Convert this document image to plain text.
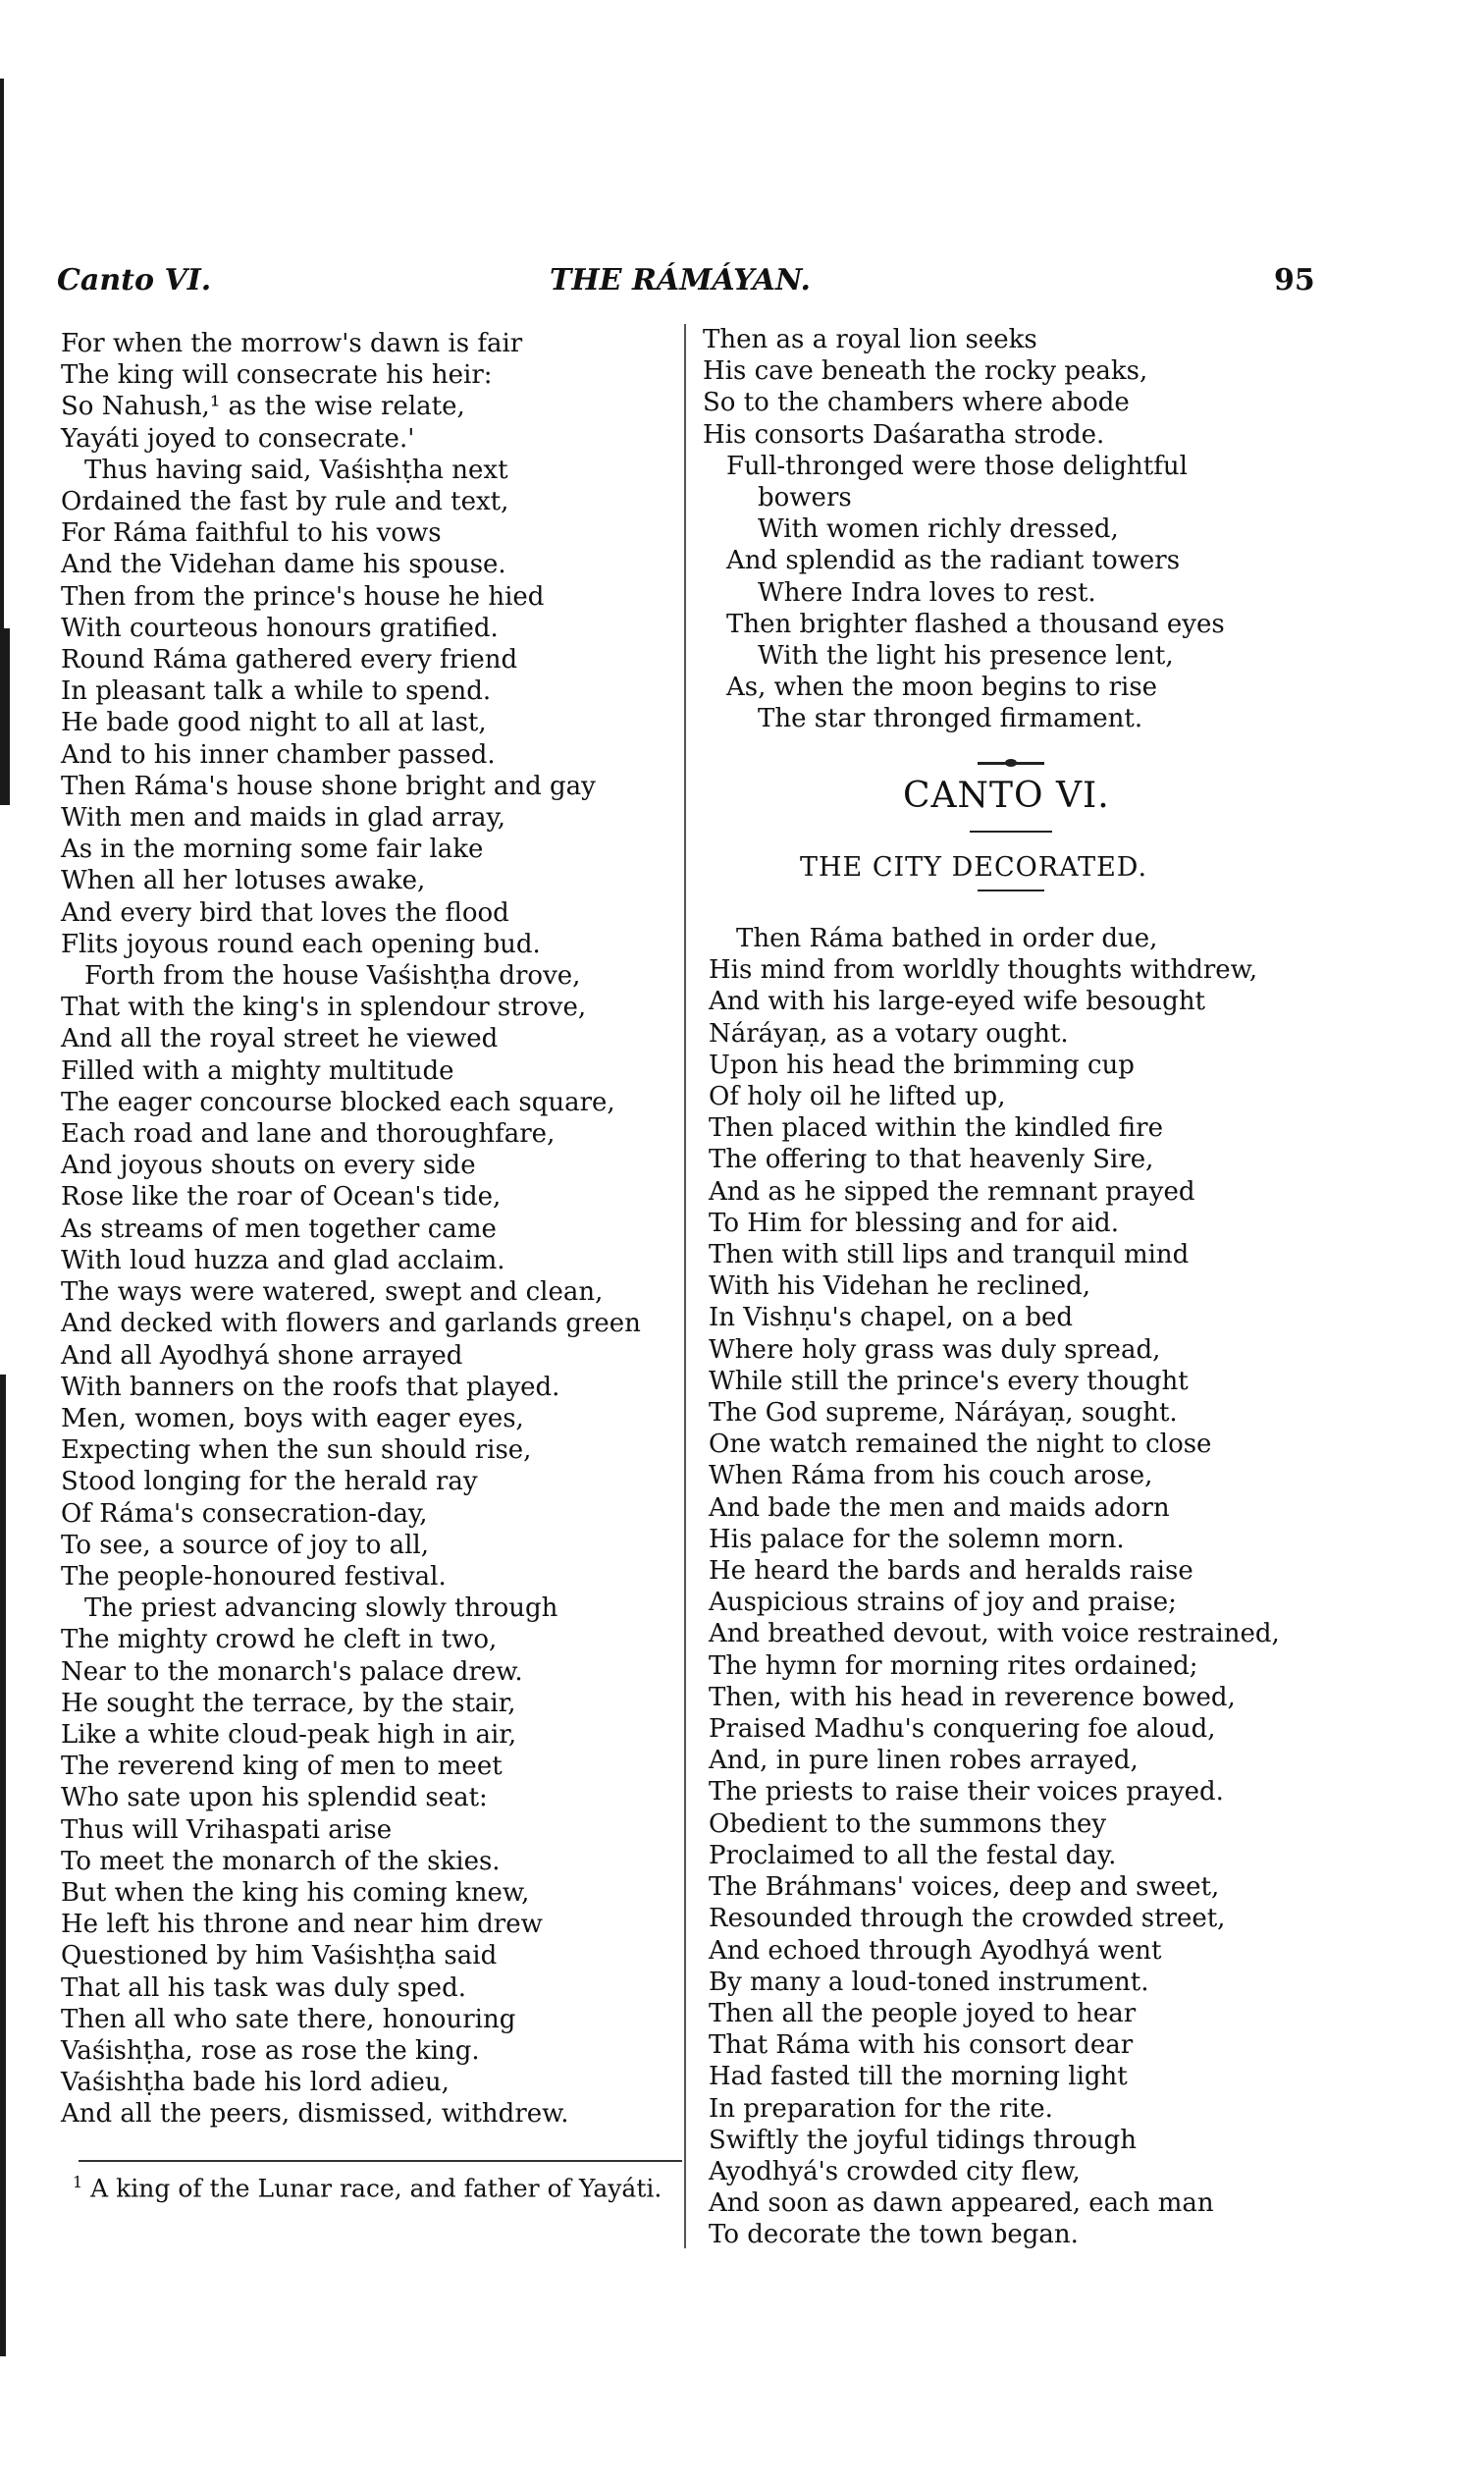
Canto VI.	THE RÁMÁYAN.	95
For when the morrow's dawn is fair
The king will consecrate his heir:
So Nahush,¹ as the wise relate,
Yayáti joyed to consecrate.'
Thus having said, Vaśishṭha next
Ordained the fast by rule and text,
For Ráma faithful to his vows
And the Videhan dame his spouse.
Then from the prince's house he hied
With courteous honours gratified.
Round Ráma gathered every friend
In pleasant talk a while to spend.
He bade good night to all at last,
And to his inner chamber passed.
Then Ráma's house shone bright and gay
With men and maids in glad array,
As in the morning some fair lake
When all her lotuses awake,
And every bird that loves the flood
Flits joyous round each opening bud.
Forth from the house Vaśishṭha drove,
That with the king's in splendour strove,
And all the royal street he viewed
Filled with a mighty multitude
The eager concourse blocked each square,
Each road and lane and thoroughfare,
And joyous shouts on every side
Rose like the roar of Ocean's tide,
As streams of men together came
With loud huzza and glad acclaim.
The ways were watered, swept and clean,
And decked with flowers and garlands green
And all Ayodhyá shone arrayed
With banners on the roofs that played.
Men, women, boys with eager eyes,
Expecting when the sun should rise,
Stood longing for the herald ray
Of Ráma's consecration-day,
To see, a source of joy to all,
The people-honoured festival.
The priest advancing slowly through
The mighty crowd he cleft in two,
Near to the monarch's palace drew.
He sought the terrace, by the stair,
Like a white cloud-peak high in air,
The reverend king of men to meet
Who sate upon his splendid seat:
Thus will Vrihaspati arise
To meet the monarch of the skies.
But when the king his coming knew,
He left his throne and near him drew
Questioned by him Vaśishṭha said
That all his task was duly sped.
Then all who sate there, honouring
Vaśishṭha, rose as rose the king.
Vaśishṭha bade his lord adieu,
And all the peers, dismissed, withdrew.
$^1$ A king of the Lunar race, and father of Yayáti.
Then as a royal lion seeks
His cave beneath the rocky peaks,
So to the chambers where abode
His consorts Daśaratha strode.
Full-thronged were those delightful
bowers
With women richly dressed,
And splendid as the radiant towers
Where Indra loves to rest.
Then brighter flashed a thousand eyes
With the light his presence lent,
As, when the moon begins to rise
The star thronged firmament.
CANTO VI.
THE CITY DECORATED.
Then Ráma bathed in order due,
His mind from worldly thoughts withdrew,
And with his large-eyed wife besought
Náráyaṇ, as a votary ought.
Upon his head the brimming cup
Of holy oil he lifted up,
Then placed within the kindled fire
The offering to that heavenly Sire,
And as he sipped the remnant prayed
To Him for blessing and for aid.
Then with still lips and tranquil mind
With his Videhan he reclined,
In Vishṇu's chapel, on a bed
Where holy grass was duly spread,
While still the prince's every thought
The God supreme, Náráyaṇ, sought.
One watch remained the night to close
When Ráma from his couch arose,
And bade the men and maids adorn
His palace for the solemn morn.
He heard the bards and heralds raise
Auspicious strains of joy and praise;
And breathed devout, with voice restrained,
The hymn for morning rites ordained;
Then, with his head in reverence bowed,
Praised Madhu's conquering foe aloud,
And, in pure linen robes arrayed,
The priests to raise their voices prayed.
Obedient to the summons they
Proclaimed to all the festal day.
The Bráhmans' voices, deep and sweet,
Resounded through the crowded street,
And echoed through Ayodhyá went
By many a loud-toned instrument.
Then all the people joyed to hear
That Ráma with his consort dear
Had fasted till the morning light
In preparation for the rite.
Swiftly the joyful tidings through
Ayodhyá's crowded city flew,
And soon as dawn appeared, each man
To decorate the town began.
